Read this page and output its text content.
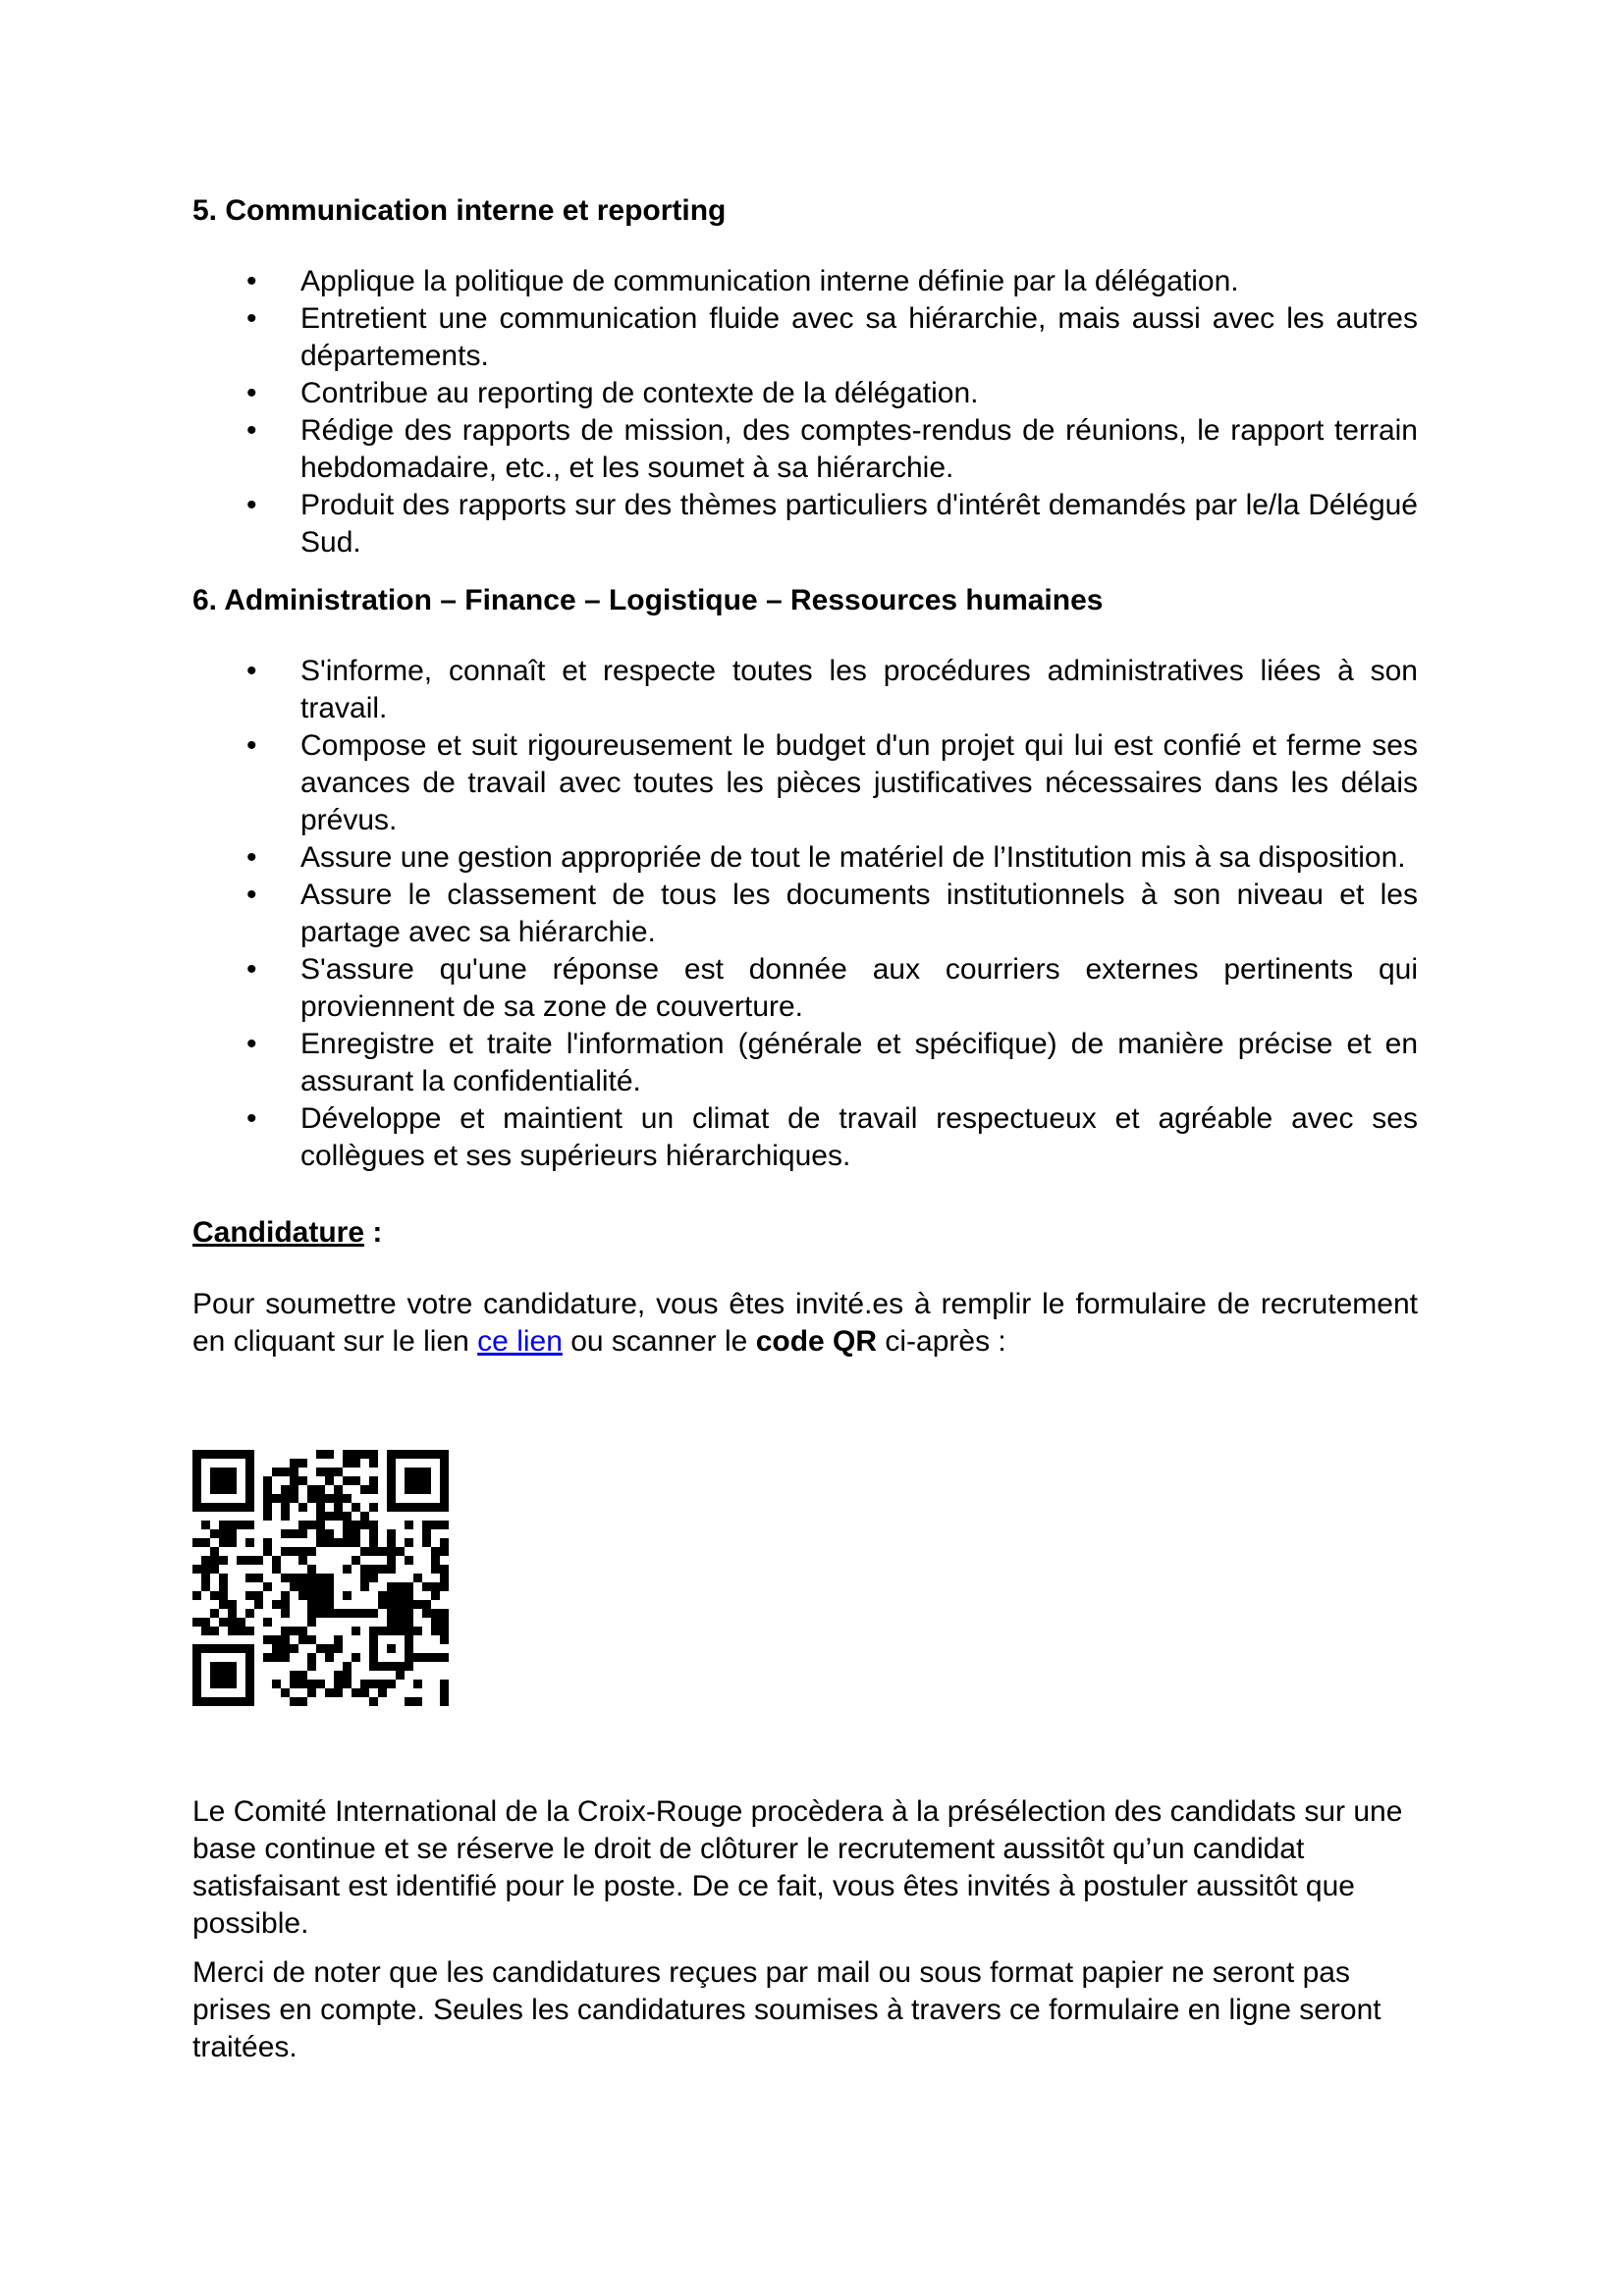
5. Communication interne et reporting
• Applique la politique de communication interne définie par la délégation.
• Entretient une communication fluide avec sa hiérarchie, mais aussi avec les autres départements.
• Contribue au reporting de contexte de la délégation.
• Rédige des rapports de mission, des comptes-rendus de réunions, le rapport terrain hebdomadaire, etc., et les soumet à sa hiérarchie.
• Produit des rapports sur des thèmes particuliers d'intérêt demandés par le/la Délégué Sud.
6. Administration – Finance – Logistique – Ressources humaines
• S'informe, connaît et respecte toutes les procédures administratives liées à son travail.
• Compose et suit rigoureusement le budget d'un projet qui lui est confié et ferme ses avances de travail avec toutes les pièces justificatives nécessaires dans les délais prévus.
• Assure une gestion appropriée de tout le matériel de l’Institution mis à sa disposition.
• Assure le classement de tous les documents institutionnels à son niveau et les partage avec sa hiérarchie.
• S'assure qu'une réponse est donnée aux courriers externes pertinents qui proviennent de sa zone de couverture.
• Enregistre et traite l'information (générale et spécifique) de manière précise et en assurant la confidentialité.
• Développe et maintient un climat de travail respectueux et agréable avec ses collègues et ses supérieurs hiérarchiques.

Candidature :

Pour soumettre votre candidature, vous êtes invité.es à remplir le formulaire de recrutement en cliquant sur le lien ce lien ou scanner le code QR ci-après :

Le Comité International de la Croix-Rouge procèdera à la présélection des candidats sur une base continue et se réserve le droit de clôturer le recrutement aussitôt qu’un candidat satisfaisant est identifié pour le poste. De ce fait, vous êtes invités à postuler aussitôt que possible.

Merci de noter que les candidatures reçues par mail ou sous format papier ne seront pas prises en compte. Seules les candidatures soumises à travers ce formulaire en ligne seront traitées.
